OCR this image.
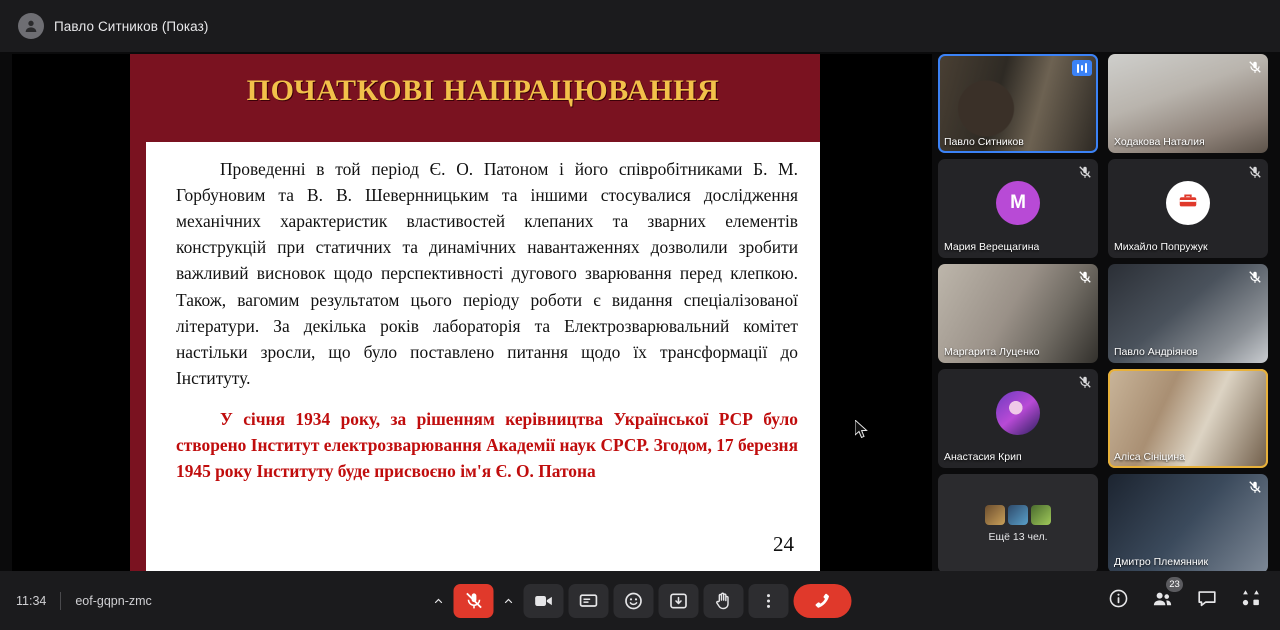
Павло Ситников (Показ)
ПОЧАТКОВІ НАПРАЦЮВАННЯ
Проведенні в той період Є. О. Патоном і його співробітниками Б. М. Горбуновим та В. В. Шевернницьким та іншими стосувалися дослідження механічних характеристик властивостей клепаних та зварних елементів конструкцій при статичних та динамічних навантаженнях дозволили зробити важливий висновок щодо перспективності дугового зварювання перед клепкою. Також, вагомим результатом цього періоду роботи є видання спеціалізованої літератури. За декілька років лабораторія та Електрозварювальний комітет настільки зросли, що було поставлено питання щодо їх трансформації до Інституту.
У січня 1934 року, за рішенням керівництва Української РСР було створено Інститут електрозварювання Академії наук СРСР. Згодом, 17 березня 1945 року Інституту буде присвоєно ім'я Є. О. Патона
24
Павло Ситников	Ходакова Наталия
M
Мария Верещагина	Михайло Попружук
Маргарита Луценко	Павло Андріянов
Анастасия Крип	Аліса Сініцина
Ещё 13 чел.
Дмитро Племянник
11:34 eof-gqpn-zmc
23
